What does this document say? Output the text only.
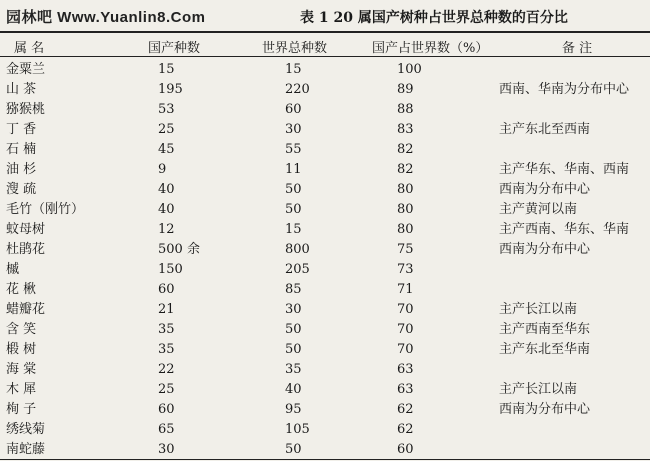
园林吧 Www.Yuanlin8.Com	表 1 20 属国产树种占世界总种数的百分比
属 名	国产种数	世界总种数	国产占世界数（%）	备 注
金粟兰	15	15	100
山 茶	195	220	89	西南、华南为分布中心
猕猴桃	53	60	88
丁 香	25	30	83	主产东北至西南
石 楠	45	55	82
油 杉	9	11	82	主产华东、华南、西南
溲 疏	40	50	80	西南为分布中心
毛竹（刚竹）	40	50	80	主产黄河以南
蚊母树	12	15	80	主产西南、华东、华南
杜鹃花	500 余	800	75	西南为分布中心
槭	150	205	73
花 楸	60	85	71
蜡瓣花	21	30	70	主产长江以南
含 笑	35	50	70	主产西南至华东
椴 树	35	50	70	主产东北至华南
海 棠	22	35	63
木 犀	25	40	63	主产长江以南
栒 子	60	95	62	西南为分布中心
绣线菊	65	105	62
南蛇藤	30	50	60
